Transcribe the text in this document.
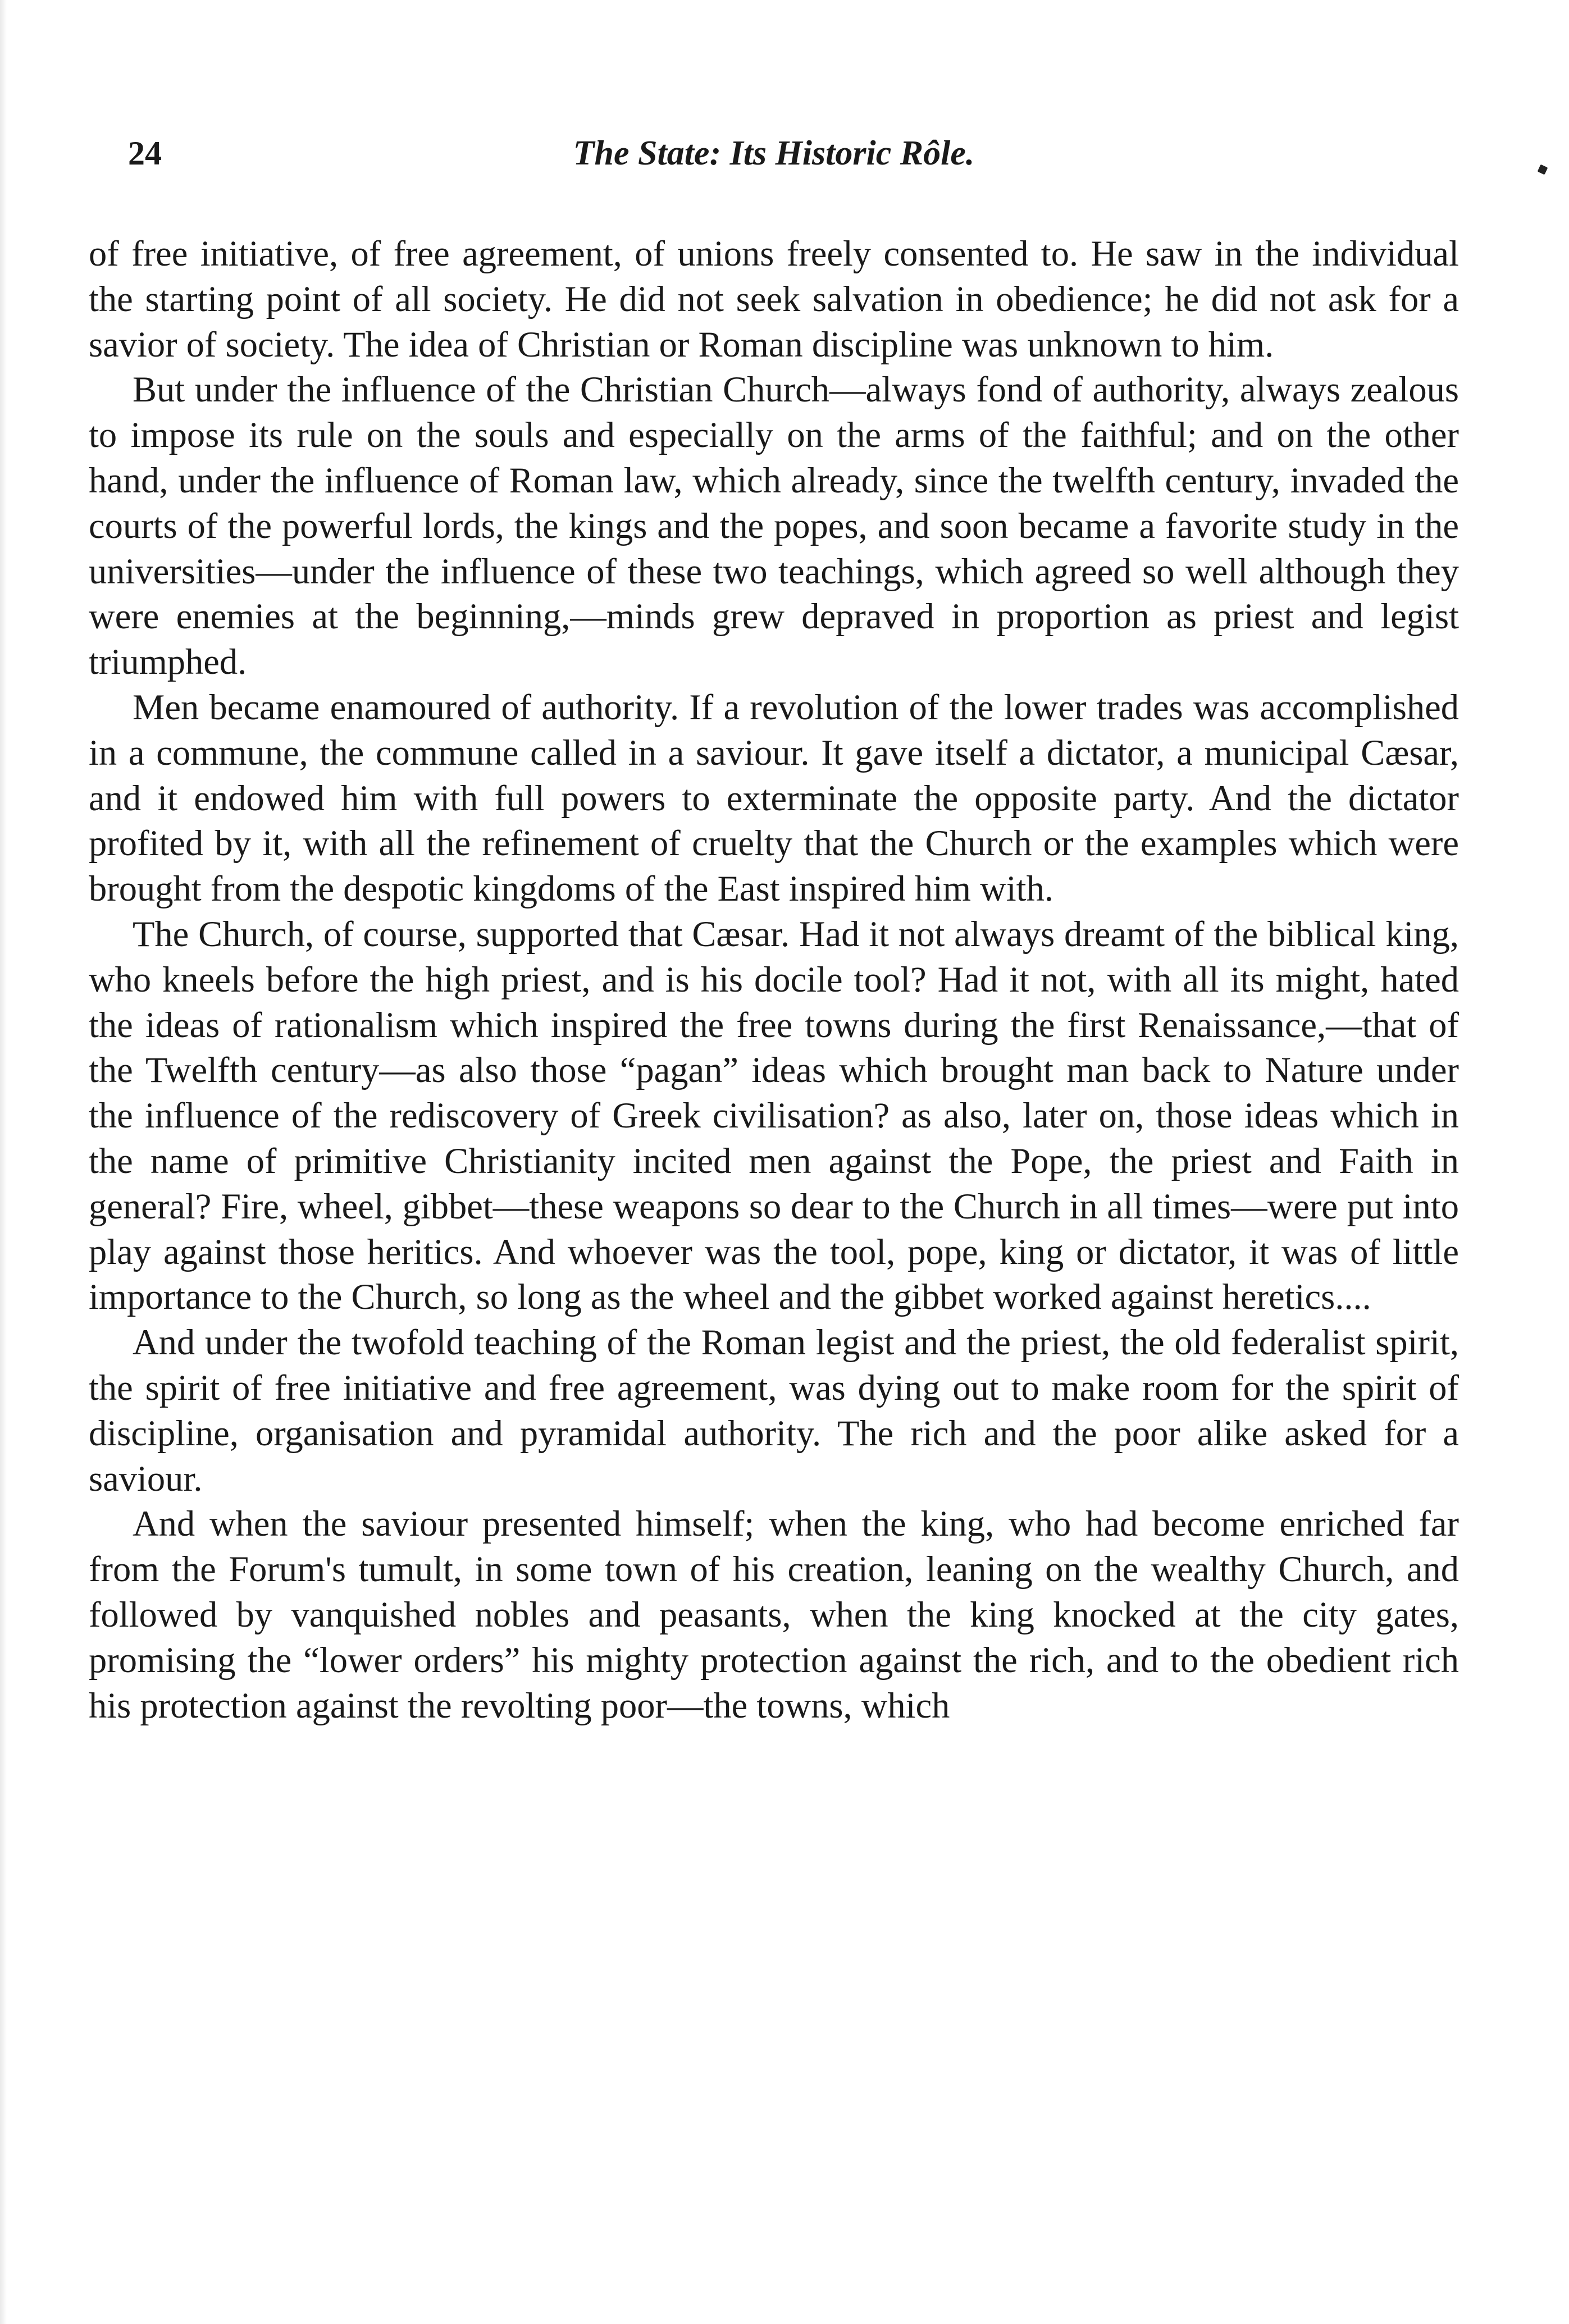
24	The State: Its Historic Rôle.

of free initiative, of free agreement, of unions freely consented to. He saw in the individual the starting point of all society. He did not seek salvation in obedience; he did not ask for a savior of society. The idea of Christian or Roman discipline was unknown to him.

But under the influence of the Christian Church—always fond of authority, always zealous to impose its rule on the souls and especially on the arms of the faithful; and on the other hand, under the influence of Roman law, which already, since the twelfth century, invaded the courts of the powerful lords, the kings and the popes, and soon became a favorite study in the universities—under the influence of these two teachings, which agreed so well although they were enemies at the beginning,—minds grew depraved in proportion as priest and legist triumphed.

Men became enamoured of authority. If a revolution of the lower trades was accomplished in a commune, the commune called in a saviour. It gave itself a dictator, a municipal Cæsar, and it endowed him with full powers to exterminate the opposite party. And the dictator profited by it, with all the refinement of cruelty that the Church or the examples which were brought from the despotic kingdoms of the East inspired him with.

The Church, of course, supported that Cæsar. Had it not always dreamt of the biblical king, who kneels before the high priest, and is his docile tool? Had it not, with all its might, hated the ideas of rationalism which inspired the free towns during the first Renaissance,—that of the Twelfth century—as also those “pagan” ideas which brought man back to Nature under the influence of the rediscovery of Greek civilisation? as also, later on, those ideas which in the name of primitive Christianity incited men against the Pope, the priest and Faith in general? Fire, wheel, gibbet—these weapons so dear to the Church in all times—were put into play against those heritics. And whoever was the tool, pope, king or dictator, it was of little importance to the Church, so long as the wheel and the gibbet worked against heretics....

And under the twofold teaching of the Roman legist and the priest, the old federalist spirit, the spirit of free initiative and free agreement, was dying out to make room for the spirit of discipline, organisation and pyramidal authority. The rich and the poor alike asked for a saviour.

And when the saviour presented himself; when the king, who had become enriched far from the Forum's tumult, in some town of his creation, leaning on the wealthy Church, and followed by vanquished nobles and peasants, when the king knocked at the city gates, promising the “lower orders” his mighty protection against the rich, and to the obedient rich his protection against the revolting poor—the towns, which
